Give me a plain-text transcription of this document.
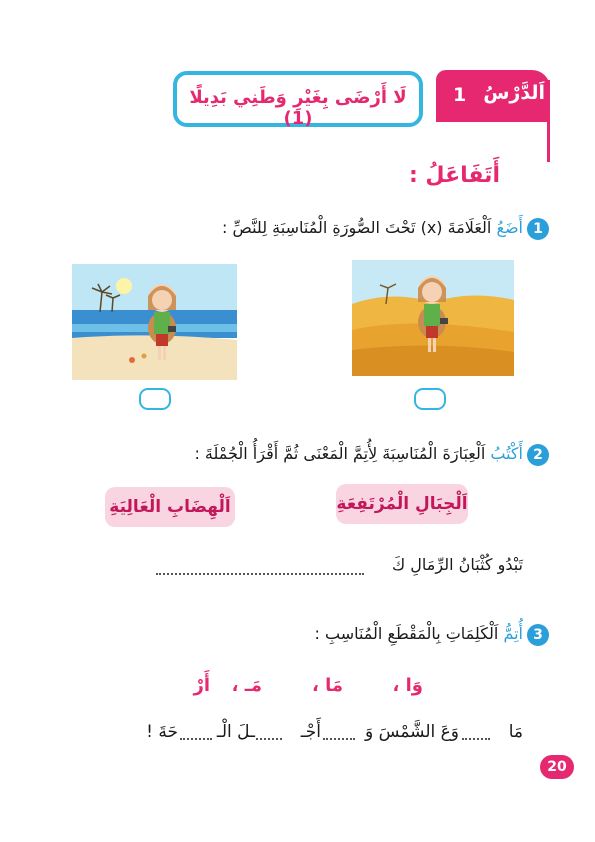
اَلدَّرْسُ
1
لَا أَرْضَى بِغَيْرِ وَطَنِي بَدِيلًا (1)
أَتَفَاعَلُ :
1
أَضَعُ اَلْعَلَامَةَ (x) تَحْتَ الصُّورَةِ الْمُنَاسِبَةِ لِلنَّصِّ :
2
أَكْتُبُ اَلْعِبَارَةَ الْمُنَاسِبَةَ لِأُتِمَّ الْمَعْنَى ثُمَّ أَقْرَأُ الْجُمْلَةَ :
اَلْجِبَالِ الْمُرْتَفِعَةِ
اَلْهِضَابِ الْعَالِيَةِ
تَبْدُو كُثْبَانُ الرِّمَالِ كَ
3
أُتِمُّ اَلْكَلِمَاتِ بِالْمَقْطَعِ الْمُنَاسِبِ :
وَا ،
مَا ،
مَـ ،
أَرْ
مَا
وَعَ الشَّمْسَ وَ
أَجْـ
ـلَ الْـ
حَةَ !
20
